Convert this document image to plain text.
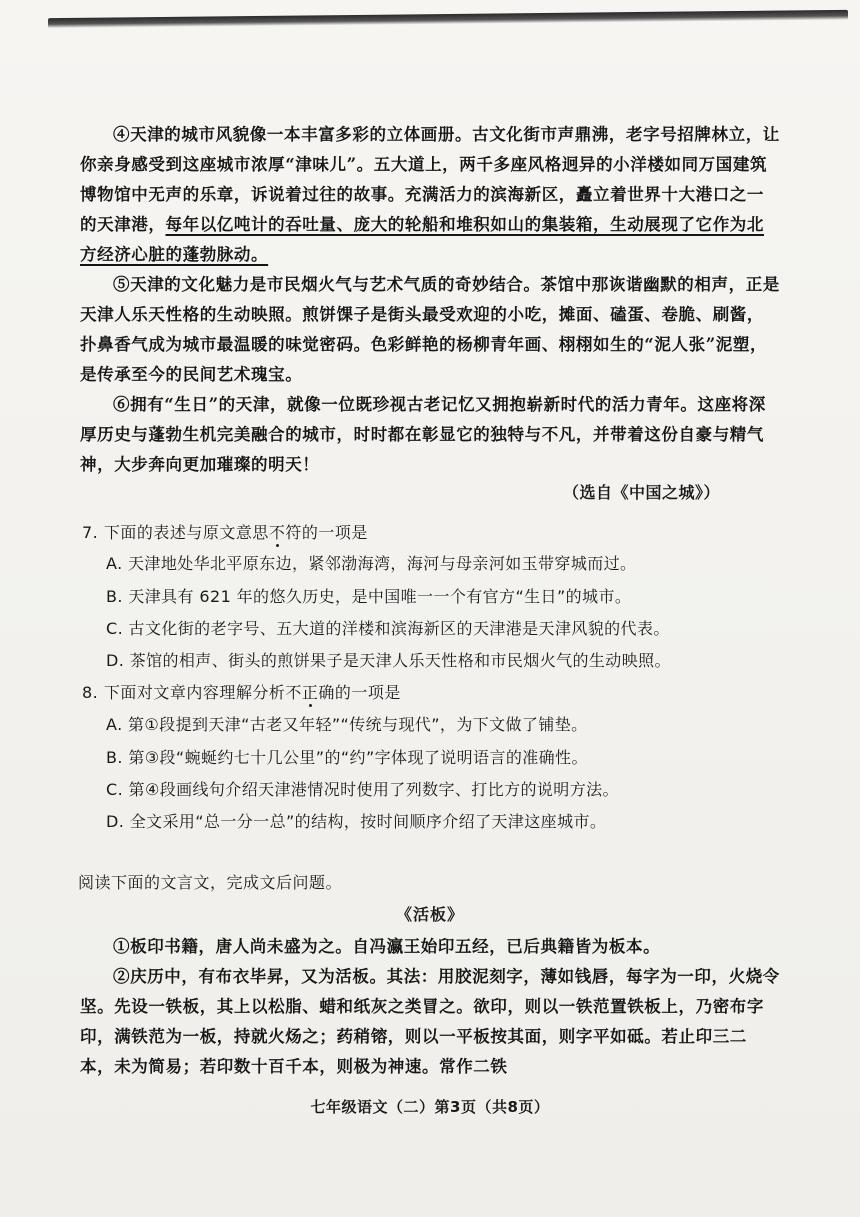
④天津的城市风貌像一本丰富多彩的立体画册。古文化街市声鼎沸，老字号招牌林立，让你亲身感受到这座城市浓厚“津味儿”。五大道上，两千多座风格迥异的小洋楼如同万国建筑博物馆中无声的乐章，诉说着过往的故事。充满活力的滨海新区，矗立着世界十大港口之一的天津港，每年以亿吨计的吞吐量、庞大的轮船和堆积如山的集装箱，生动展现了它作为北方经济心脏的蓬勃脉动。

⑤天津的文化魅力是市民烟火气与艺术气质的奇妙结合。茶馆中那诙谐幽默的相声，正是天津人乐天性格的生动映照。煎饼馃子是街头最受欢迎的小吃，摊面、磕蛋、卷脆、刷酱，扑鼻香气成为城市最温暖的味觉密码。色彩鲜艳的杨柳青年画、栩栩如生的“泥人张”泥塑，是传承至今的民间艺术瑰宝。

⑥拥有“生日”的天津，就像一位既珍视古老记忆又拥抱崭新时代的活力青年。这座将深厚历史与蓬勃生机完美融合的城市，时时都在彰显它的独特与不凡，并带着这份自豪与精气神，大步奔向更加璀璨的明天！

（选自《中国之城》）
7. 下面的表述与原文意思不符的一项是
A. 天津地处华北平原东边，紧邻渤海湾，海河与母亲河如玉带穿城而过。
B. 天津具有 621 年的悠久历史，是中国唯一一个有官方“生日”的城市。
C. 古文化街的老字号、五大道的洋楼和滨海新区的天津港是天津风貌的代表。
D. 茶馆的相声、街头的煎饼果子是天津人乐天性格和市民烟火气的生动映照。
8. 下面对文章内容理解分析不正确的一项是
A. 第①段提到天津“古老又年轻”“传统与现代”，为下文做了铺垫。
B. 第③段“蜿蜒约七十几公里”的“约”字体现了说明语言的准确性。
C. 第④段画线句介绍天津港情况时使用了列数字、打比方的说明方法。
D. 全文采用“总一分一总”的结构，按时间顺序介绍了天津这座城市。
阅读下面的文言文，完成文后问题。
《活板》

①板印书籍，唐人尚未盛为之。自冯瀛王始印五经，已后典籍皆为板本。

②庆历中，有布衣毕昇，又为活板。其法：用胶泥刻字，薄如钱唇，每字为一印，火烧令坚。先设一铁板，其上以松脂、蜡和纸灰之类冒之。欲印，则以一铁范置铁板上，乃密布字印，满铁范为一板，持就火炀之；药稍镕，则以一平板按其面，则字平如砥。若止印三二本，未为简易；若印数十百千本，则极为神速。常作二铁

七年级语文（二）第3页（共8页）
